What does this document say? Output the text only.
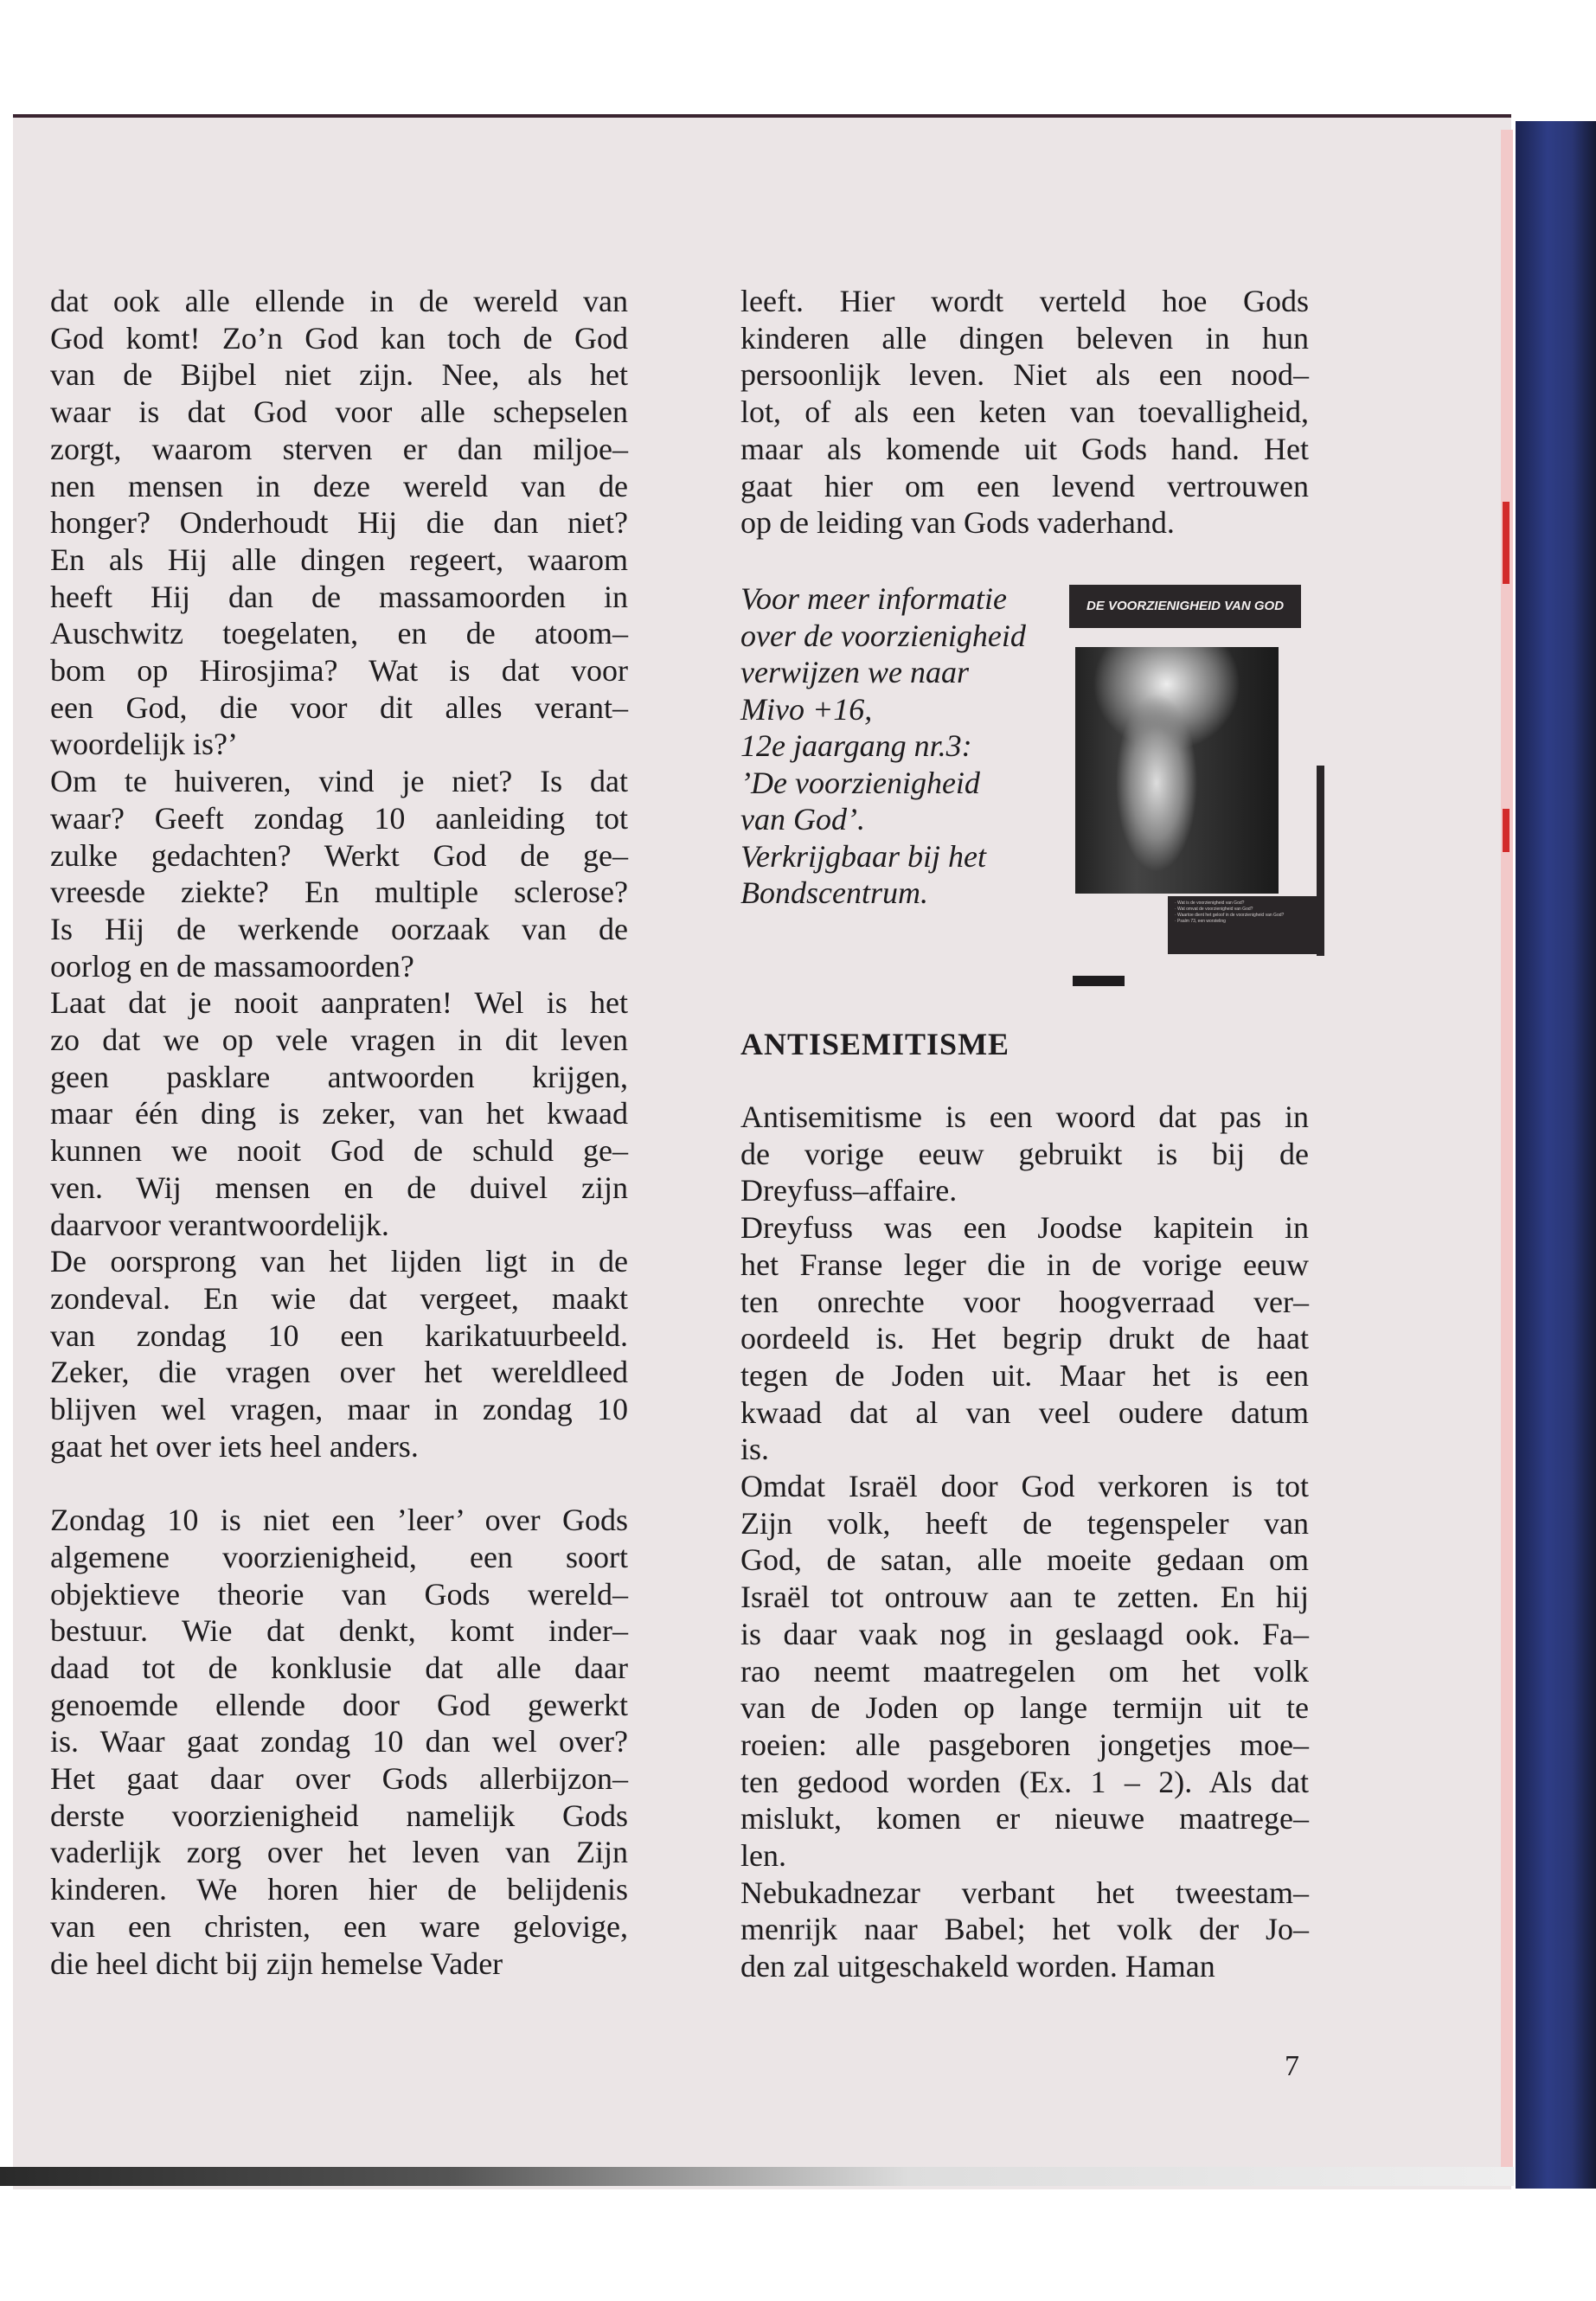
dat ook alle ellende in de wereld van
God komt! Zo’n God kan toch de God
van de Bijbel niet zijn. Nee, als het
waar is dat God voor alle schepselen
zorgt, waarom sterven er dan miljoe–
nen mensen in deze wereld van de
honger? Onderhoudt Hij die dan niet?
En als Hij alle dingen regeert, waarom
heeft Hij dan de massamoorden in
Auschwitz toegelaten, en de atoom–
bom op Hirosjima? Wat is dat voor
een God, die voor dit alles verant–
woordelijk is?’
Om te huiveren, vind je niet? Is dat
waar? Geeft zondag 10 aanleiding tot
zulke gedachten? Werkt God de ge–
vreesde ziekte? En multiple sclerose?
Is Hij de werkende oorzaak van de
oorlog en de massamoorden?
Laat dat je nooit aanpraten! Wel is het
zo dat we op vele vragen in dit leven
geen pasklare antwoorden krijgen,
maar één ding is zeker, van het kwaad
kunnen we nooit God de schuld ge–
ven. Wij mensen en de duivel zijn
daarvoor verantwoordelijk.
De oorsprong van het lijden ligt in de
zondeval. En wie dat vergeet, maakt
van zondag 10 een karikatuurbeeld.
Zeker, die vragen over het wereldleed
blijven wel vragen, maar in zondag 10
gaat het over iets heel anders.
Zondag 10 is niet een ’leer’ over Gods
algemene voorzienigheid, een soort
objektieve theorie van Gods wereld–
bestuur. Wie dat denkt, komt inder–
daad tot de konklusie dat alle daar
genoemde ellende door God gewerkt
is. Waar gaat zondag 10 dan wel over?
Het gaat daar over Gods allerbijzon–
derste voorzienigheid namelijk Gods
vaderlijk zorg over het leven van Zijn
kinderen. We horen hier de belijdenis
van een christen, een ware gelovige,
die heel dicht bij zijn hemelse Vader
leeft. Hier wordt verteld hoe Gods
kinderen alle dingen beleven in hun
persoonlijk leven. Niet als een nood–
lot, of als een keten van toevalligheid,
maar als komende uit Gods hand. Het
gaat hier om een levend vertrouwen
op de leiding van Gods vaderhand.
Voor meer informatie
over de voorzienigheid
verwijzen we naar
Mivo +16,
12e jaargang nr.3:
’De voorzienigheid
van God’.
Verkrijgbaar bij het
Bondscentrum.
DE VOORZIENIGHEID VAN GOD
· Wat is de voorzienigheid van God?
· Wat omvat de voorzienigheid van God?
· Waartoe dient het geloof in de voorzienigheid van God?
· Psalm 73, een worsteling
ANTISEMITISME
Antisemitisme is een woord dat pas in
de vorige eeuw gebruikt is bij de
Dreyfuss–affaire.
Dreyfuss was een Joodse kapitein in
het Franse leger die in de vorige eeuw
ten onrechte voor hoogverraad ver–
oordeeld is. Het begrip drukt de haat
tegen de Joden uit. Maar het is een
kwaad dat al van veel oudere datum
is.
Omdat Israël door God verkoren is tot
Zijn volk, heeft de tegenspeler van
God, de satan, alle moeite gedaan om
Israël tot ontrouw aan te zetten. En hij
is daar vaak nog in geslaagd ook. Fa–
rao neemt maatregelen om het volk
van de Joden op lange termijn uit te
roeien: alle pasgeboren jongetjes moe–
ten gedood worden (Ex. 1 – 2). Als dat
mislukt, komen er nieuwe maatrege–
len.
Nebukadnezar verbant het tweestam–
menrijk naar Babel; het volk der Jo–
den zal uitgeschakeld worden. Haman
7
